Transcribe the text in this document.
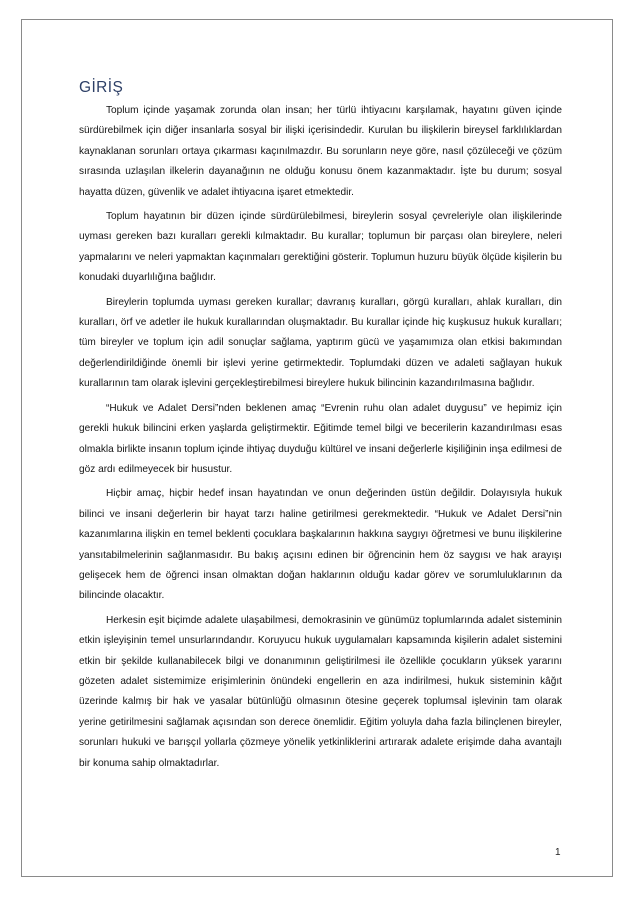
GİRİŞ

Toplum içinde yaşamak zorunda olan insan; her türlü ihtiyacını karşılamak, hayatını güven içinde sürdürebilmek için diğer insanlarla sosyal bir ilişki içerisindedir. Kurulan bu ilişkilerin bireysel farklılıklardan kaynaklanan sorunları ortaya çıkarması kaçınılmazdır. Bu sorunların neye göre, nasıl çözüleceği ve çözüm sırasında uzlaşılan ilkelerin dayanağının ne olduğu konusu önem kazanmaktadır. İşte bu durum; sosyal hayatta düzen, güvenlik ve adalet ihtiyacına işaret etmektedir.

Toplum hayatının bir düzen içinde sürdürülebilmesi, bireylerin sosyal çevreleriyle olan ilişkilerinde uyması gereken bazı kuralları gerekli kılmaktadır. Bu kurallar; toplumun bir parçası olan bireylere, neleri yapmalarını ve neleri yapmaktan kaçınmaları gerektiğini gösterir. Toplumun huzuru büyük ölçüde kişilerin bu konudaki duyarlılığına bağlıdır.

Bireylerin toplumda uyması gereken kurallar; davranış kuralları, görgü kuralları, ahlak kuralları, din kuralları, örf ve adetler ile hukuk kurallarından oluşmaktadır. Bu kurallar içinde hiç kuşkusuz hukuk kuralları; tüm bireyler ve toplum için adil sonuçlar sağlama, yaptırım gücü ve yaşamımıza olan etkisi bakımından değerlendirildiğinde önemli bir işlevi yerine getirmektedir. Toplumdaki düzen ve adaleti sağlayan hukuk kurallarının tam olarak işlevini gerçekleştirebilmesi bireylere hukuk bilincinin kazandırılmasına bağlıdır.

“Hukuk ve Adalet Dersi”nden beklenen amaç “Evrenin ruhu olan adalet duygusu” ve hepimiz için gerekli hukuk bilincini erken yaşlarda geliştirmektir. Eğitimde temel bilgi ve becerilerin kazandırılması esas olmakla birlikte insanın toplum içinde ihtiyaç duyduğu kültürel ve insani değerlerle kişiliğinin inşa edilmesi de göz ardı edilmeyecek bir husustur.

Hiçbir amaç, hiçbir hedef insan hayatından ve onun değerinden üstün değildir. Dolayısıyla hukuk bilinci ve insani değerlerin bir hayat tarzı haline getirilmesi gerekmektedir. “Hukuk ve Adalet Dersi”nin kazanımlarına ilişkin en temel beklenti çocuklara başkalarının hakkına saygıyı öğretmesi ve bunu ilişkilerine yansıtabilmelerinin sağlanmasıdır. Bu bakış açısını edinen bir öğrencinin hem öz saygısı ve hak arayışı gelişecek hem de öğrenci insan olmaktan doğan haklarının olduğu kadar görev ve sorumluluklarının da bilincinde olacaktır.

Herkesin eşit biçimde adalete ulaşabilmesi, demokrasinin ve günümüz toplumlarında adalet sisteminin etkin işleyişinin temel unsurlarındandır. Koruyucu hukuk uygulamaları kapsamında kişilerin adalet sistemini etkin bir şekilde kullanabilecek bilgi ve donanımının geliştirilmesi ile özellikle çocukların yüksek yararını gözeten adalet sistemimize erişimlerinin önündeki engellerin en aza indirilmesi, hukuk sisteminin kâğıt üzerinde kalmış bir hak ve yasalar bütünlüğü olmasının ötesine geçerek toplumsal işlevinin tam olarak yerine getirilmesini sağlamak açısından son derece önemlidir. Eğitim yoluyla daha fazla bilinçlenen bireyler, sorunları hukuki ve barışçıl yollarla çözmeye yönelik yetkinliklerini artırarak adalete erişimde daha avantajlı bir konuma sahip olmaktadırlar.

1
